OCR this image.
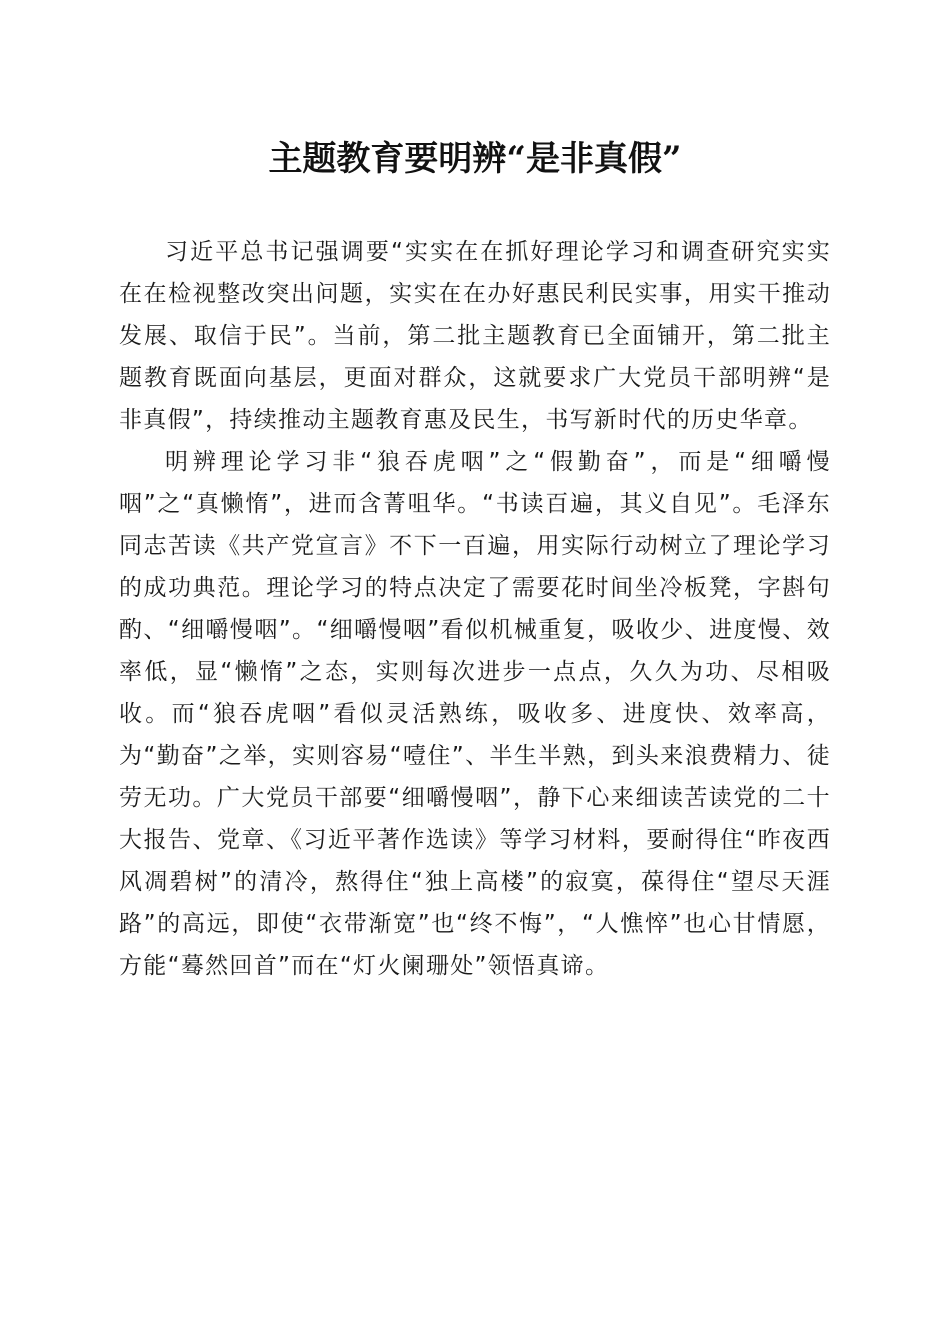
主题教育要明辨“是非真假”

习近平总书记强调要“实实在在抓好理论学习和调查研究实实在在检视整改突出问题，实实在在办好惠民利民实事，用实干推动发展、取信于民”。当前，第二批主题教育已全面铺开，第二批主题教育既面向基层，更面对群众，这就要求广大党员干部明辨“是非真假”，持续推动主题教育惠及民生，书写新时代的历史华章。

明辨理论学习非“狼吞虎咽”之“假勤奋”，而是“细嚼慢咽”之“真懒惰”，进而含菁咀华。“书读百遍，其义自见”。毛泽东同志苦读《共产党宣言》不下一百遍，用实际行动树立了理论学习的成功典范。理论学习的特点决定了需要花时间坐冷板凳，字斟句酌、“细嚼慢咽”。“细嚼慢咽”看似机械重复，吸收少、进度慢、效率低，显“懒惰”之态，实则每次进步一点点，久久为功、尽相吸收。而“狼吞虎咽”看似灵活熟练，吸收多、进度快、效率高，为“勤奋”之举，实则容易“噎住”、半生半熟，到头来浪费精力、徒劳无功。广大党员干部要“细嚼慢咽”，静下心来细读苦读党的二十大报告、党章、《习近平著作选读》等学习材料，要耐得住“昨夜西风凋碧树”的清冷，熬得住“独上高楼”的寂寞，葆得住“望尽天涯路”的高远，即使“衣带渐宽”也“终不悔”，“人憔悴”也心甘情愿，方能“蓦然回首”而在“灯火阑珊处”领悟真谛。
